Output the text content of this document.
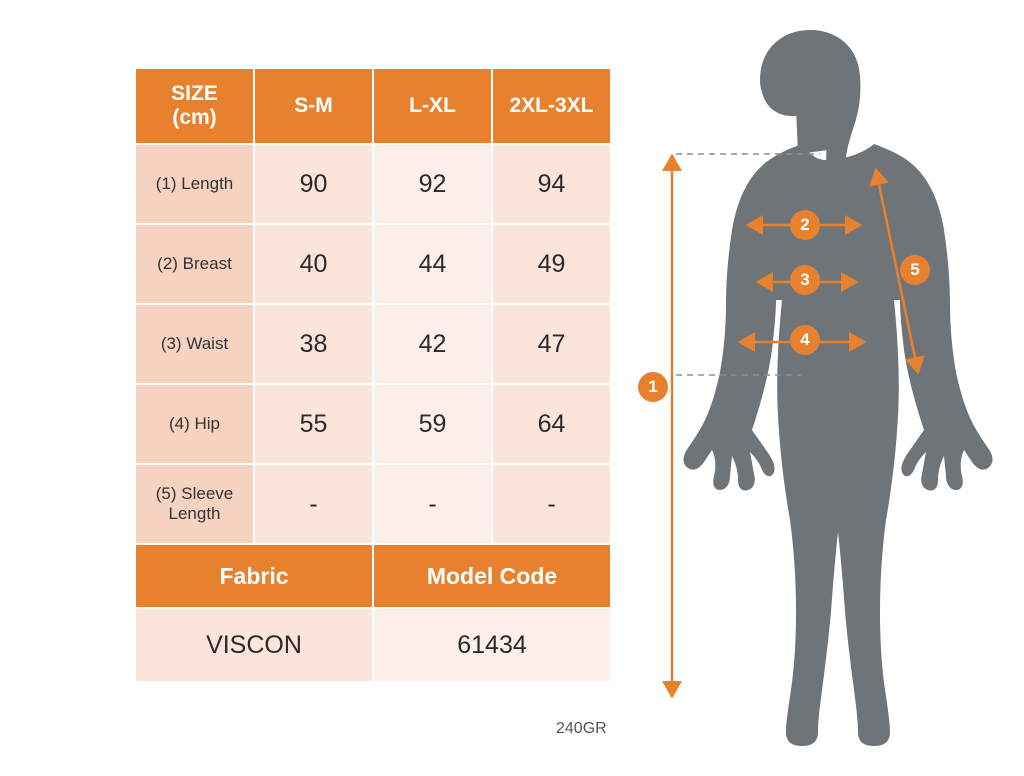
SIZE
(cm)	S-M	L-XL	2XL-3XL
(1) Length	90	92	94
(2) Breast	40	44	49
(3) Waist	38	42	47
(4) Hip	55	59	64
(5) Sleeve Length	-	-	-
Fabric		Model Code	
VISCON		61434	
240GR
1
2
3
4
5
